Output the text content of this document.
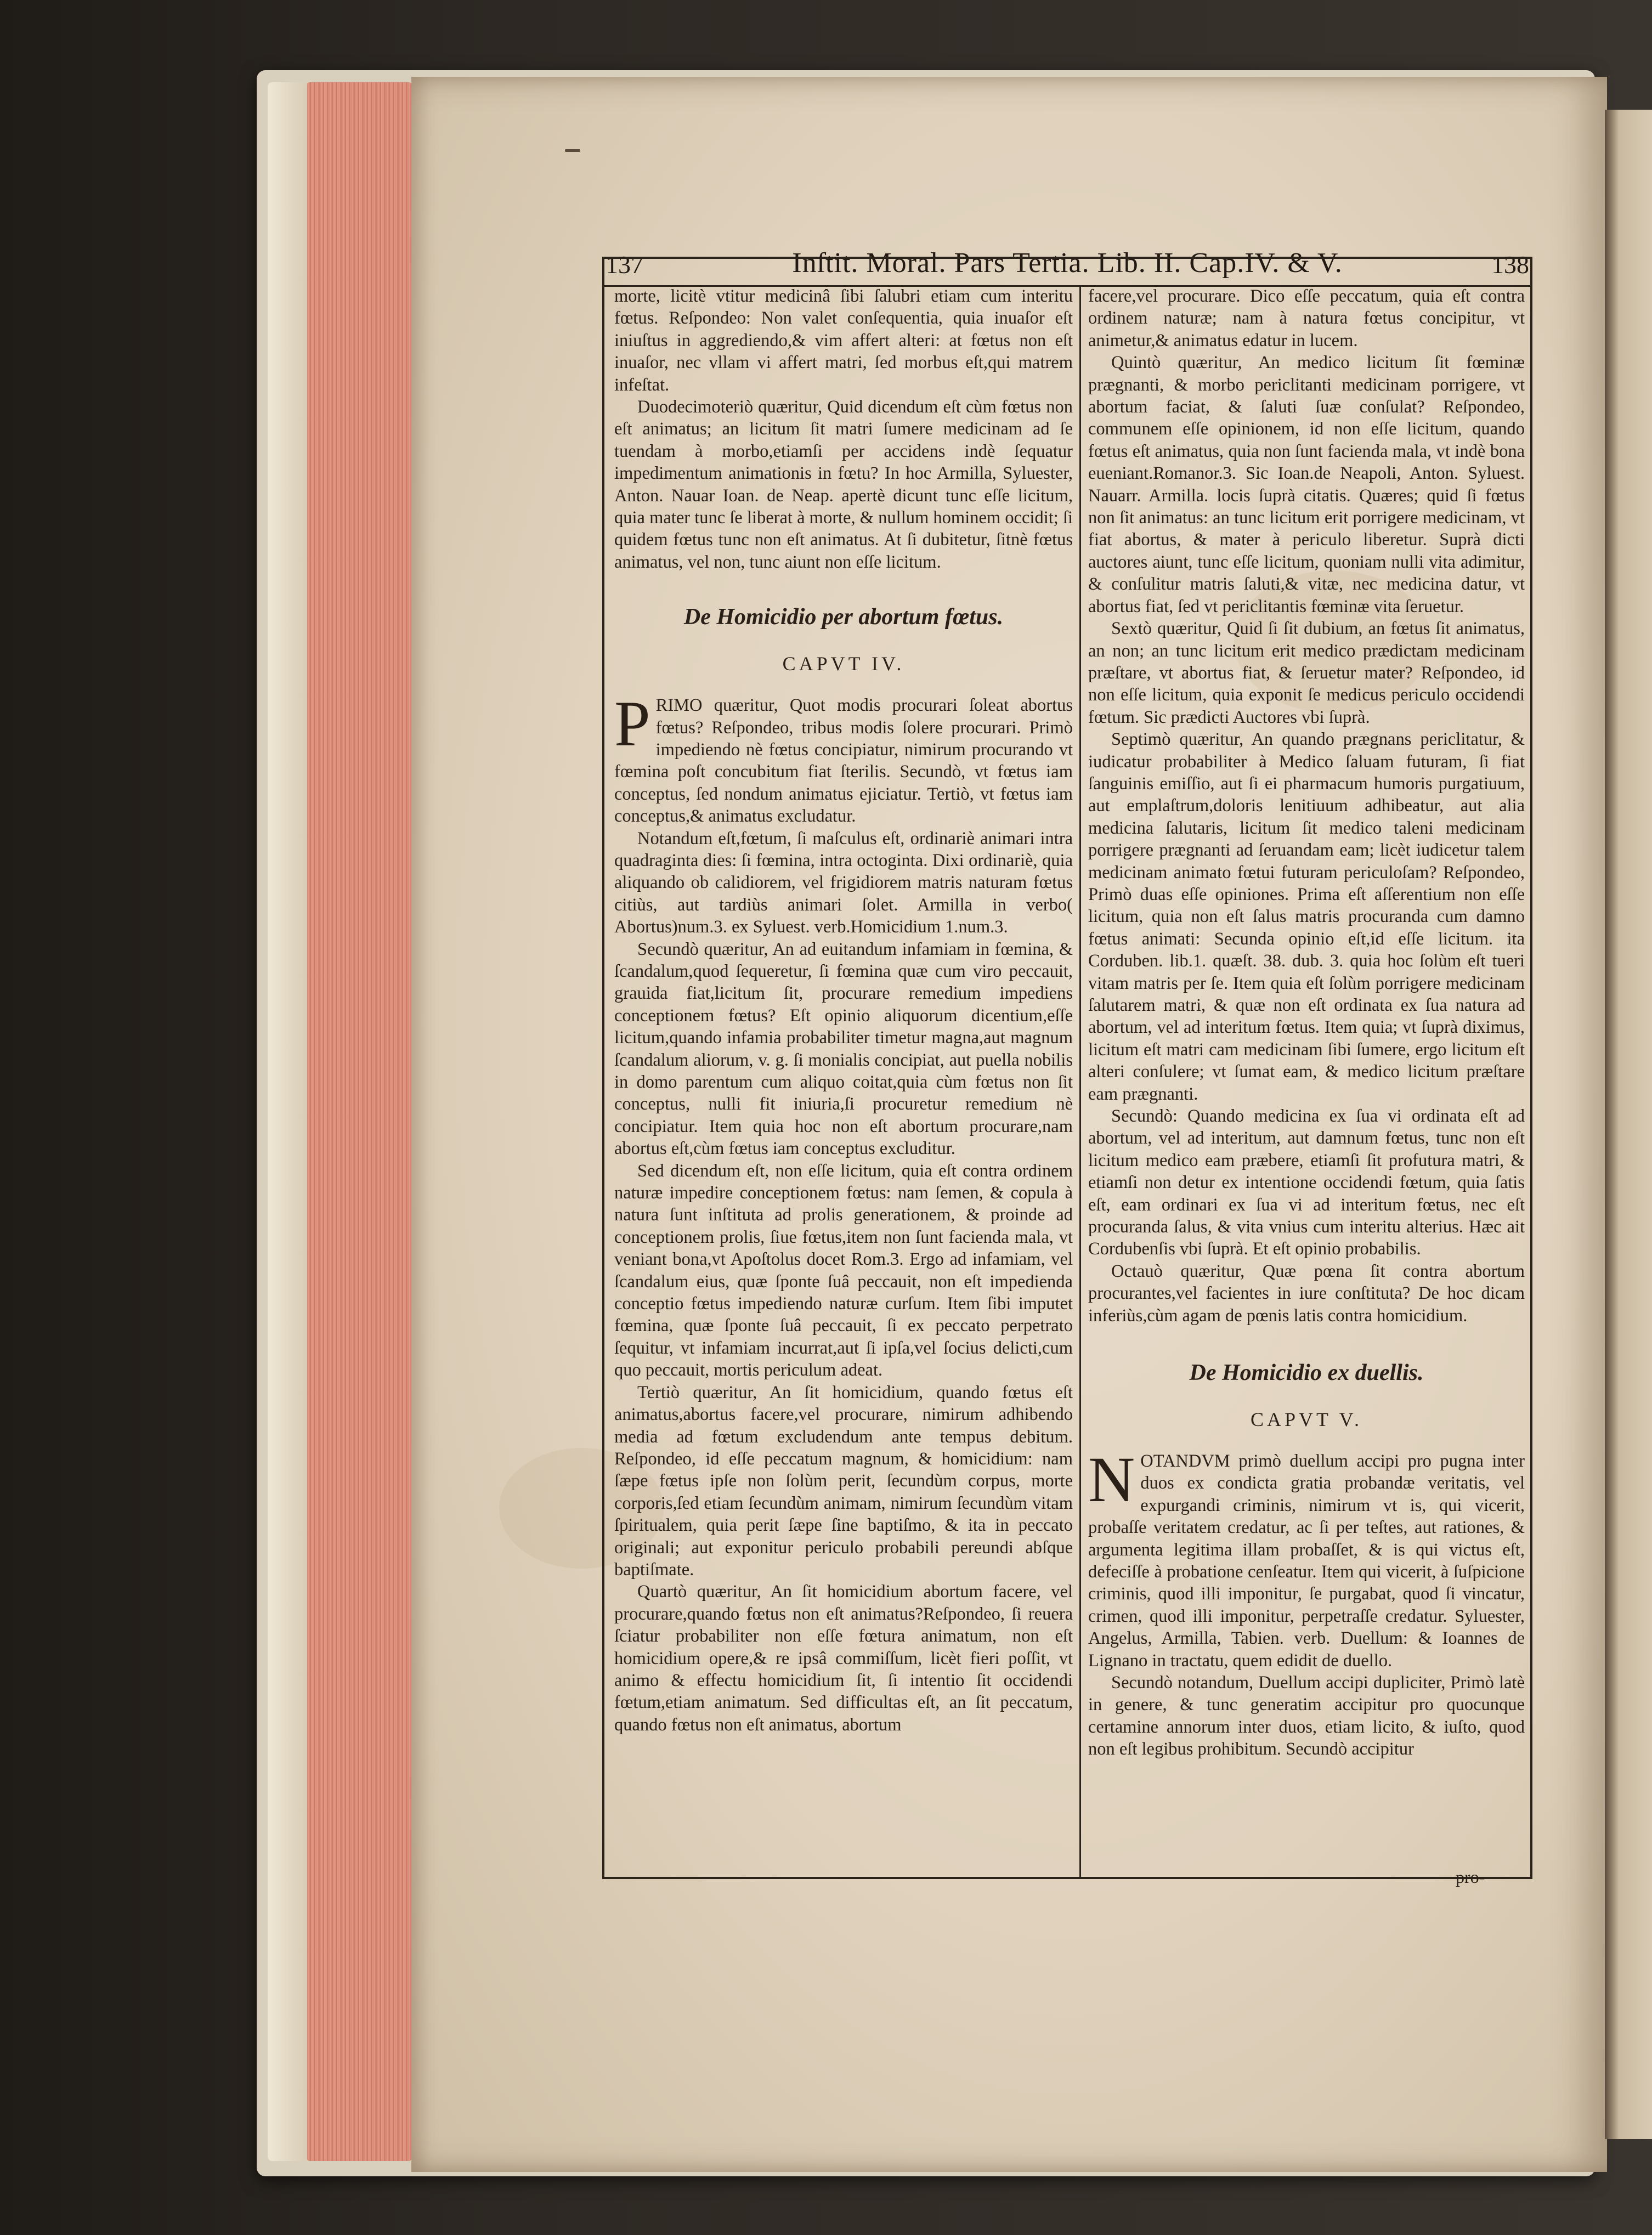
137	Inſtit. Moral. Pars Tertia. Lib. II. Cap.IV. & V.	138

morte, licitè vtitur medicinâ ſibi ſalubri etiam cum interitu fœtus. Reſpondeo: Non valet conſequentia, quia inuaſor eſt iniuſtus in aggrediendo,& vim affert alteri: at fœtus non eſt inuaſor, nec vllam vi affert matri, ſed morbus eſt,qui matrem infeſtat.

Duodecimoteriò quæritur, Quid dicendum eſt cùm fœtus non eſt animatus; an licitum ſit matri ſumere medicinam ad ſe tuendam à morbo,etiamſi per accidens indè ſequatur impedimentum animationis in fœtu? In hoc Armilla, Syluester, Anton. Nauar Ioan. de Neap. apertè dicunt tunc eſſe licitum, quia mater tunc ſe liberat à morte, & nullum hominem occidit; ſi quidem fœtus tunc non eſt animatus. At ſi dubitetur, ſitnè fœtus animatus, vel non, tunc aiunt non eſſe licitum.

De Homicidio per abortum fœtus.

CAPVT IV.

PRIMO quæritur, Quot modis procurari ſoleat abortus fœtus? Reſpondeo, tribus modis ſolere procurari. Primò impediendo nè fœtus concipiatur, nimirum procurando vt fœmina poſt concubitum fiat ſterilis. Secundò, vt fœtus iam conceptus, ſed nondum animatus ejiciatur. Tertiò, vt fœtus iam conceptus,& animatus excludatur.

Notandum eſt,fœtum, ſi maſculus eſt, ordinariè animari intra quadraginta dies: ſi fœmina, intra octoginta. Dixi ordinariè, quia aliquando ob calidiorem, vel frigidiorem matris naturam fœtus citiùs, aut tardiùs animari ſolet. Armilla in verbo( Abortus)num.3. ex Syluest. verb.Homicidium 1.num.3.

Secundò quæritur, An ad euitandum infamiam in fœmina, & ſcandalum,quod ſequeretur, ſi fœmina quæ cum viro peccauit, grauida fiat,licitum ſit, procurare remedium impediens conceptionem fœtus? Eſt opinio aliquorum dicentium,eſſe licitum,quando infamia probabiliter timetur magna,aut magnum ſcandalum aliorum, v. g. ſi monialis concipiat, aut puella nobilis in domo parentum cum aliquo coitat,quia cùm fœtus non ſit conceptus, nulli fit iniuria,ſi procuretur remedium nè concipiatur. Item quia hoc non eſt abortum procurare,nam abortus eſt,cùm fœtus iam conceptus excluditur.

Sed dicendum eſt, non eſſe licitum, quia eſt contra ordinem naturæ impedire conceptionem fœtus: nam ſemen, & copula à natura ſunt inſtituta ad prolis generationem, & proinde ad conceptionem prolis, ſiue fœtus,item non ſunt facienda mala, vt veniant bona,vt Apoſtolus docet Rom.3. Ergo ad infamiam, vel ſcandalum eius, quæ ſponte ſuâ peccauit, non eſt impedienda conceptio fœtus impediendo naturæ curſum. Item ſibi imputet fœmina, quæ ſponte ſuâ peccauit, ſi ex peccato perpetrato ſequitur, vt infamiam incurrat,aut ſi ipſa,vel ſocius delicti,cum quo peccauit, mortis periculum adeat.

Tertiò quæritur, An ſit homicidium, quando fœtus eſt animatus,abortus facere,vel procurare, nimirum adhibendo media ad fœtum excludendum ante tempus debitum. Reſpondeo, id eſſe peccatum magnum, & homicidium: nam ſæpe fœtus ipſe non ſolùm perit, ſecundùm corpus, morte corporis,ſed etiam ſecundùm animam, nimirum ſecundùm vitam ſpiritualem, quia perit ſæpe ſine baptiſmo, & ita in peccato originali; aut exponitur periculo probabili pereundi abſque baptiſmate.

Quartò quæritur, An ſit homicidium abortum facere, vel procurare,quando fœtus non eſt animatus?Reſpondeo, ſi reuera ſciatur probabiliter non eſſe fœtura animatum, non eſt homicidium opere,& re ipsâ commiſſum, licèt fieri poſſit, vt animo & effectu homicidium ſit, ſi intentio ſit occidendi fœtum,etiam animatum. Sed difficultas eſt, an ſit peccatum, quando fœtus non eſt animatus, abortum

facere,vel procurare. Dico eſſe peccatum, quia eſt contra ordinem naturæ; nam à natura fœtus concipitur, vt animetur,& animatus edatur in lucem.

Quintò quæritur, An medico licitum ſit fœminæ prægnanti, & morbo periclitanti medicinam porrigere, vt abortum faciat, & ſaluti ſuæ conſulat? Reſpondeo, communem eſſe opinionem, id non eſſe licitum, quando fœtus eſt animatus, quia non ſunt facienda mala, vt indè bona eueniant.Romanor.3. Sic Ioan.de Neapoli, Anton. Syluest. Nauarr. Armilla. locis ſuprà citatis. Quæres; quid ſi fœtus non ſit animatus: an tunc licitum erit porrigere medicinam, vt fiat abortus, & mater à periculo liberetur. Suprà dicti auctores aiunt, tunc eſſe licitum, quoniam nulli vita adimitur, & conſulitur matris ſaluti,& vitæ, nec medicina datur, vt abortus fiat, ſed vt periclitantis fœminæ vita ſeruetur.

Sextò quæritur, Quid ſi ſit dubium, an fœtus ſit animatus, an non; an tunc licitum erit medico prædictam medicinam præſtare, vt abortus fiat, & ſeruetur mater? Reſpondeo, id non eſſe licitum, quia exponit ſe medicus periculo occidendi fœtum. Sic prædicti Auctores vbi ſuprà.

Septimò quæritur, An quando prægnans periclitatur, & iudicatur probabiliter à Medico ſaluam futuram, ſi fiat ſanguinis emiſſio, aut ſi ei pharmacum humoris purgatiuum, aut emplaſtrum,doloris lenitiuum adhibeatur, aut alia medicina ſalutaris, licitum ſit medico taleni medicinam porrigere prægnanti ad ſeruandam eam; licèt iudicetur talem medicinam animato fœtui futuram periculoſam? Reſpondeo, Primò duas eſſe opiniones. Prima eſt aſſerentium non eſſe licitum, quia non eſt ſalus matris procuranda cum damno fœtus animati: Secunda opinio eſt,id eſſe licitum. ita Corduben. lib.1. quæſt. 38. dub. 3. quia hoc ſolùm eſt tueri vitam matris per ſe. Item quia eſt ſolùm porrigere medicinam ſalutarem matri, & quæ non eſt ordinata ex ſua natura ad abortum, vel ad interitum fœtus. Item quia; vt ſuprà diximus, licitum eſt matri cam medicinam ſibi ſumere, ergo licitum eſt alteri conſulere; vt ſumat eam, & medico licitum præſtare eam prægnanti.

Secundò: Quando medicina ex ſua vi ordinata eſt ad abortum, vel ad interitum, aut damnum fœtus, tunc non eſt licitum medico eam præbere, etiamſi ſit profutura matri, & etiamſi non detur ex intentione occidendi fœtum, quia ſatis eſt, eam ordinari ex ſua vi ad interitum fœtus, nec eſt procuranda ſalus, & vita vnius cum interitu alterius. Hæc ait Cordubenſis vbi ſuprà. Et eſt opinio probabilis.

Octauò quæritur, Quæ pœna ſit contra abortum procurantes,vel facientes in iure conſtituta? De hoc dicam inferiùs,cùm agam de pœnis latis contra homicidium.

De Homicidio ex duellis.

CAPVT V.

NOTANDVM primò duellum accipi pro pugna inter duos ex condicta gratia probandæ veritatis, vel expurgandi criminis, nimirum vt is, qui vicerit, probaſſe veritatem credatur, ac ſi per teſtes, aut rationes, & argumenta legitima illam probaſſet, & is qui victus eſt, defeciſſe à probatione cenſeatur. Item qui vicerit, à ſuſpicione criminis, quod illi imponitur, ſe purgabat, quod ſi vincatur, crimen, quod illi imponitur, perpetraſſe credatur. Syluester, Angelus, Armilla, Tabien. verb. Duellum: & Ioannes de Lignano in tractatu, quem edidit de duello.

Secundò notandum, Duellum accipi dupliciter, Primò latè in genere, & tunc generatim accipitur pro quocunque certamine annorum inter duos, etiam licito, & iuſto, quod non eſt legibus prohibitum. Secundò accipitur

pro-
